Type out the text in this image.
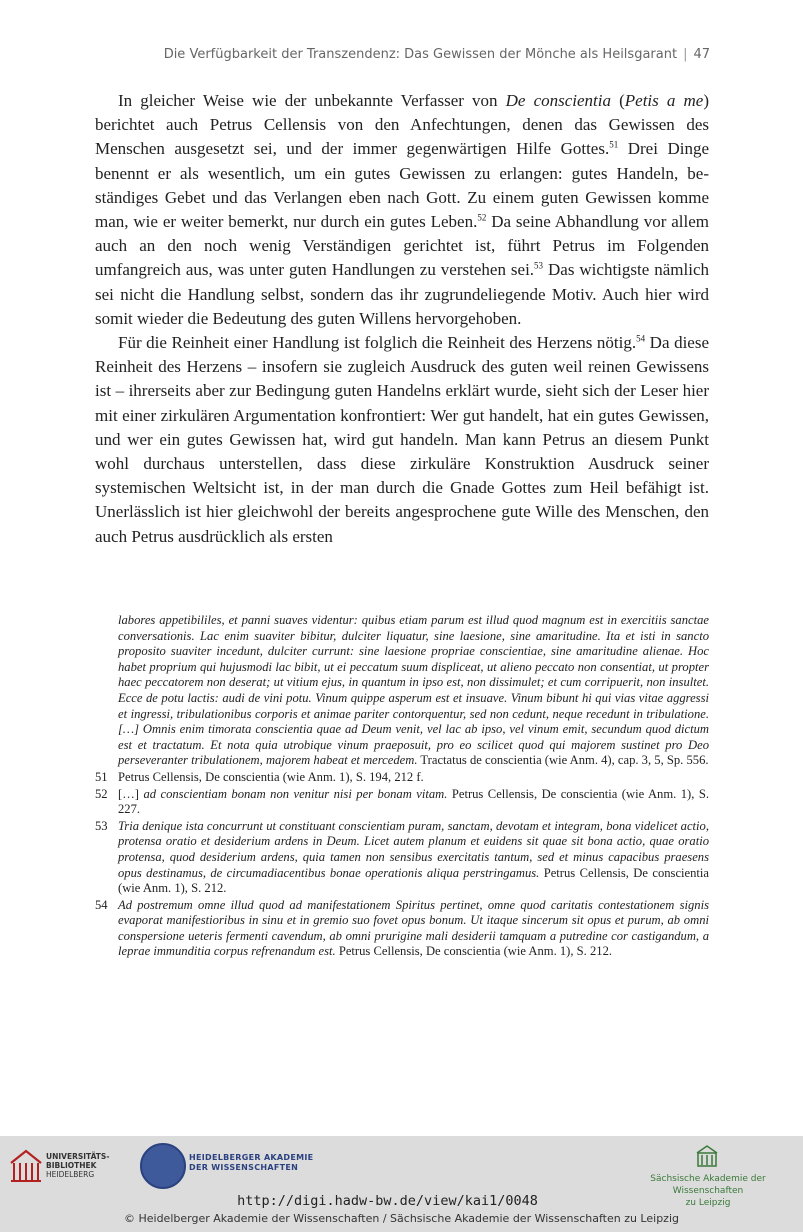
Die Verfügbarkeit der Transzendenz: Das Gewissen der Mönche als Heilsgarant | 47

In gleicher Weise wie der unbekannte Verfasser von De conscientia (Petis a me) berichtet auch Petrus Cellensis von den Anfechtungen, denen das Gewissen des Menschen ausgesetzt sei, und der immer gegenwärtigen Hilfe Gottes.$^{51}$ Drei Dinge benennt er als wesentlich, um ein gutes Gewissen zu erlangen: gutes Handeln, beständiges Gebet und das Verlangen eben nach Gott. Zu einem guten Gewissen komme man, wie er weiter bemerkt, nur durch ein gutes Leben.$^{52}$ Da seine Abhandlung vor allem auch an den noch wenig Verständigen gerichtet ist, führt Petrus im Folgenden umfangreich aus, was unter guten Handlungen zu verstehen sei.$^{53}$ Das wichtigste nämlich sei nicht die Handlung selbst, sondern das ihr zugrundeliegende Motiv. Auch hier wird somit wieder die Bedeutung des guten Willens hervorgehoben.

Für die Reinheit einer Handlung ist folglich die Reinheit des Herzens nötig.$^{54}$ Da diese Reinheit des Herzens – insofern sie zugleich Ausdruck des guten weil reinen Gewissens ist – ihrerseits aber zur Bedingung guten Handelns erklärt wurde, sieht sich der Leser hier mit einer zirkulären Argumentation konfrontiert: Wer gut handelt, hat ein gutes Gewissen, und wer ein gutes Gewissen hat, wird gut handeln. Man kann Petrus an diesem Punkt wohl durchaus unterstellen, dass diese zirkuläre Konstruktion Ausdruck seiner systemischen Weltsicht ist, in der man durch die Gnade Gottes zum Heil befähigt ist. Unerlässlich ist hier gleichwohl der bereits angesprochene gute Wille des Menschen, den auch Petrus ausdrücklich als ersten

labores appetibililes, et panni suaves videntur: quibus etiam parum est illud quod magnum est in exercitiis sanctae conversationis. Lac enim suaviter bibitur, dulciter liquatur, sine laesione, sine amaritudine. Ita et isti in sancto proposito suaviter incedunt, dulciter currunt: sine laesione propriae conscientiae, sine amaritudine alienae. Hoc habet proprium qui hujusmodi lac bibit, ut ei peccatum suum displiceat, ut alieno peccato non consentiat, ut propter haec peccatorem non deserat; ut vitium ejus, in quantum in ipso est, non dissimulet; et cum corripuerit, non insultet. Ecce de potu lactis: audi de vini potu. Vinum quippe asperum est et insuave. Vinum bibunt hi qui vias vitae aggressi et ingressi, tribulationibus corporis et animae pariter contorquentur, sed non cedunt, neque recedunt in tribulatione. […] Omnis enim timorata conscientia quae ad Deum venit, vel lac ab ipso, vel vinum emit, secundum quod dictum est et tractatum. Et nota quia utrobique vinum praeposuit, pro eo scilicet quod qui majorem sustinet pro Deo perseveranter tribulationem, majorem habeat et mercedem. Tractatus de conscientia (wie Anm. 4), cap. 3, 5, Sp. 556.
51 Petrus Cellensis, De conscientia (wie Anm. 1), S. 194, 212 f.
52 […] ad conscientiam bonam non venitur nisi per bonam vitam. Petrus Cellensis, De conscientia (wie Anm. 1), S. 227.
53 Tria denique ista concurrunt ut constituant conscientiam puram, sanctam, devotam et integram, bona videlicet actio, protensa oratio et desiderium ardens in Deum. Licet autem planum et euidens sit quae sit bona actio, quae oratio protensa, quod desiderium ardens, quia tamen non sensibus exercitatis tantum, sed et minus capacibus praesens opus destinamus, de circumadiacentibus bonae operationis aliqua perstringamus. Petrus Cellensis, De conscientia (wie Anm. 1), S. 212.
54 Ad postremum omne illud quod ad manifestationem Spiritus pertinet, omne quod caritatis contestationem signis evaporat manifestioribus in sinu et in gremio suo fovet opus bonum. Ut itaque sincerum sit opus et purum, ab omni conspersione ueteris fermenti cavendum, ab omni prurigine mali desiderii tamquam a putredine cor castigandum, a leprae immunditia corpus refrenandum est. Petrus Cellensis, De conscientia (wie Anm. 1), S. 212.
UNIVERSITÄTS-
BIBLIOTHEK
HEIDELBERG
HEIDELBERGER AKADEMIE
DER WISSENSCHAFTEN
Sächsische Akademie der Wissenschaften
zu Leipzig
http://digi.hadw-bw.de/view/kai1/0048
© Heidelberger Akademie der Wissenschaften / Sächsische Akademie der Wissenschaften zu Leipzig
